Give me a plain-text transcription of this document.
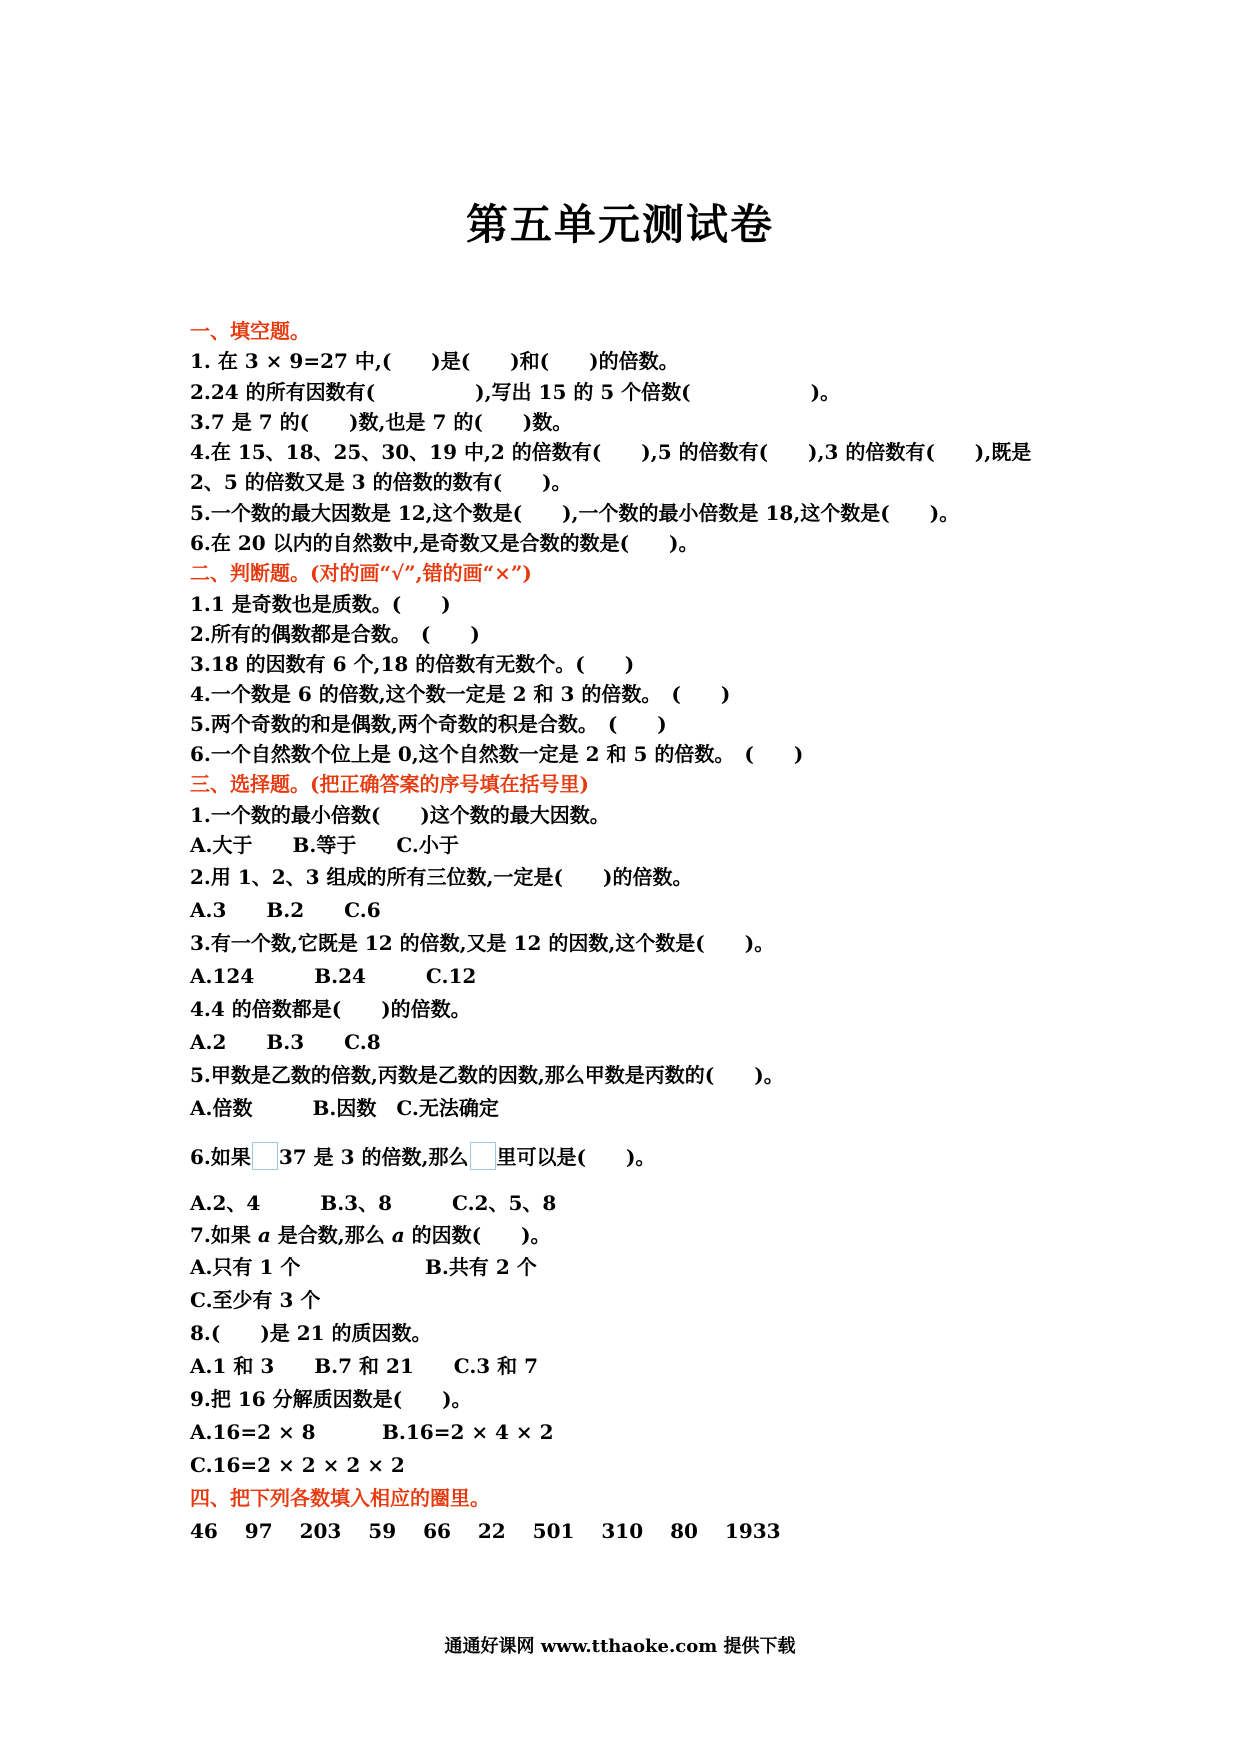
第五单元测试卷
一、填空题。
1. 在 3 × 9=27 中,(　　)是(　　)和(　　)的倍数。
2.24 的所有因数有(　　　　　),写出 15 的 5 个倍数(　　　　　　)。
3.7 是 7 的(　　)数,也是 7 的(　　)数。
4.在 15、18、25、30、19 中,2 的倍数有(　　),5 的倍数有(　　),3 的倍数有(　　),既是
2、5 的倍数又是 3 的倍数的数有(　　)。
5.一个数的最大因数是 12,这个数是(　　),一个数的最小倍数是 18,这个数是(　　)。
6.在 20 以内的自然数中,是奇数又是合数的数是(　　)。
二、判断题。(对的画“√”,错的画“×”)
1.1 是奇数也是质数。(　　)
2.所有的偶数都是合数。　(　　)
3.18 的因数有 6 个,18 的倍数有无数个。(　　)
4.一个数是 6 的倍数,这个数一定是 2 和 3 的倍数。　(　　)
5.两个奇数的和是偶数,两个奇数的积是合数。　(　　)
6.一个自然数个位上是 0,这个自然数一定是 2 和 5 的倍数。　(　　)
三、选择题。(把正确答案的序号填在括号里)
1.一个数的最小倍数(　　)这个数的最大因数。
A.大于　　B.等于　　C.小于
2.用 1、2、3 组成的所有三位数,一定是(　　)的倍数。
A.3　　B.2　　C.6
3.有一个数,它既是 12 的倍数,又是 12 的因数,这个数是(　　)。
A.124　　　B.24　　　C.12
4.4 的倍数都是(　　)的倍数。
A.2　　B.3　　C.8
5.甲数是乙数的倍数,丙数是乙数的因数,那么甲数是丙数的(　　)。
A.倍数　　　B.因数　C.无法确定
6.如果 37 是 3 的倍数,那么 里可以是(　　)。
A.2、4　　　B.3、8　　　C.2、5、8
7.如果 a 是合数,那么 a 的因数(　　)。
A.只有 1 个	B.共有 2 个
C.至少有 3 个
8.(　　)是 21 的质因数。
A.1 和 3　　B.7 和 21　　C.3 和 7
9.把 16 分解质因数是(　　)。
A.16=2 × 8	B.16=2 × 4 × 2
C.16=2 × 2 × 2 × 2
四、把下列各数填入相应的圈里。
46　 97　 203　 59　 66　 22　 501　 310　 80　 1933
通通好课网 www.tthaoke.com 提供下载
